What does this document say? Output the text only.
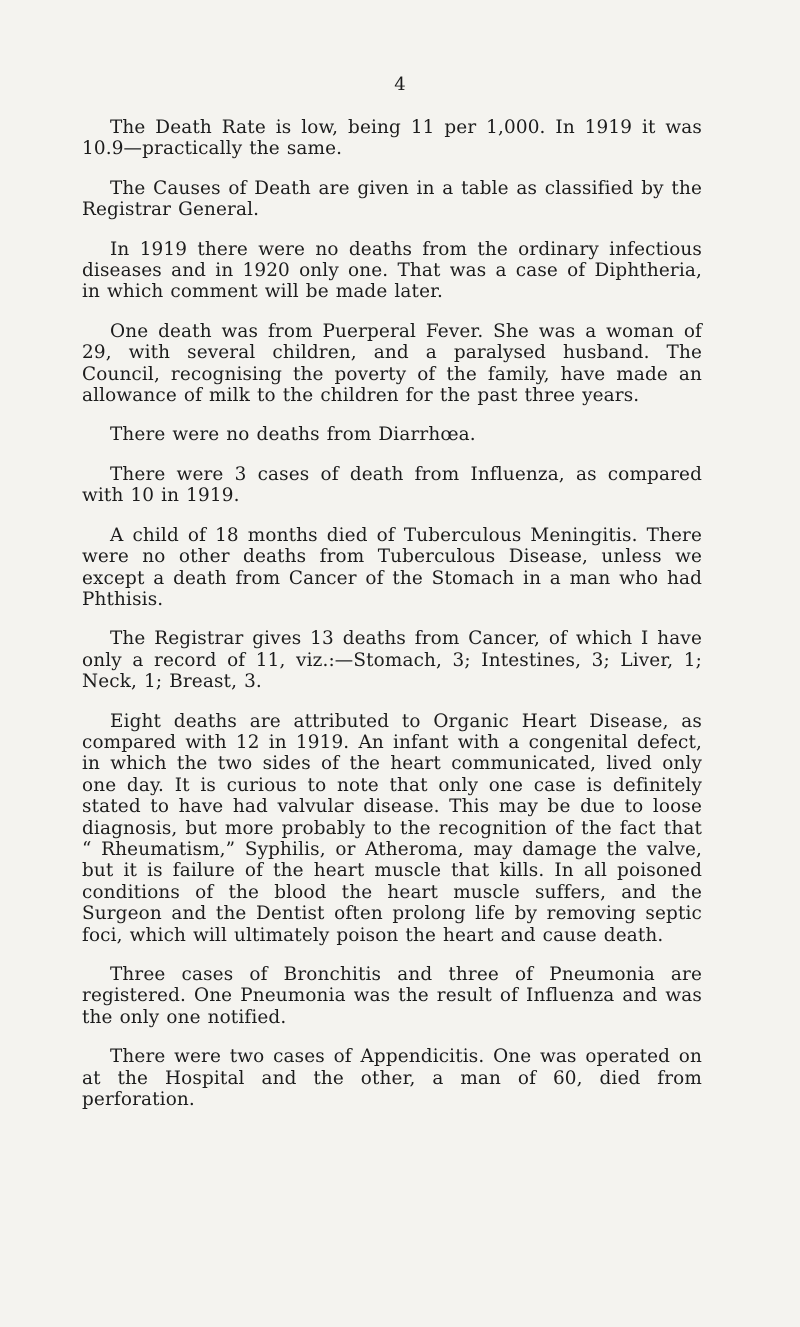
4

The Death Rate is low, being 11 per 1,000. In 1919 it was 10.9—practically the same.

The Causes of Death are given in a table as classified by the Registrar General.

In 1919 there were no deaths from the ordinary infectious diseases and in 1920 only one. That was a case of Diphtheria, in which comment will be made later.

One death was from Puerperal Fever. She was a woman of 29, with several children, and a paralysed husband. The Council, recognising the poverty of the family, have made an allowance of milk to the children for the past three years.

There were no deaths from Diarrhœa.

There were 3 cases of death from Influenza, as compared with 10 in 1919.

A child of 18 months died of Tuberculous Meningitis. There were no other deaths from Tuberculous Disease, unless we except a death from Cancer of the Stomach in a man who had Phthisis.

The Registrar gives 13 deaths from Cancer, of which I have only a record of 11, viz.:—Stomach, 3; Intestines, 3; Liver, 1; Neck, 1; Breast, 3.

Eight deaths are attributed to Organic Heart Disease, as compared with 12 in 1919. An infant with a congenital defect, in which the two sides of the heart communicated, lived only one day. It is curious to note that only one case is definitely stated to have had valvular disease. This may be due to loose diagnosis, but more probably to the recognition of the fact that “ Rheumatism,” Syphilis, or Atheroma, may damage the valve, but it is failure of the heart muscle that kills. In all poisoned conditions of the blood the heart muscle suffers, and the Surgeon and the Dentist often prolong life by removing septic foci, which will ultimately poison the heart and cause death.

Three cases of Bronchitis and three of Pneumonia are registered. One Pneumonia was the result of Influenza and was the only one notified.

There were two cases of Appendicitis. One was operated on at the Hospital and the other, a man of 60, died from perforation.
